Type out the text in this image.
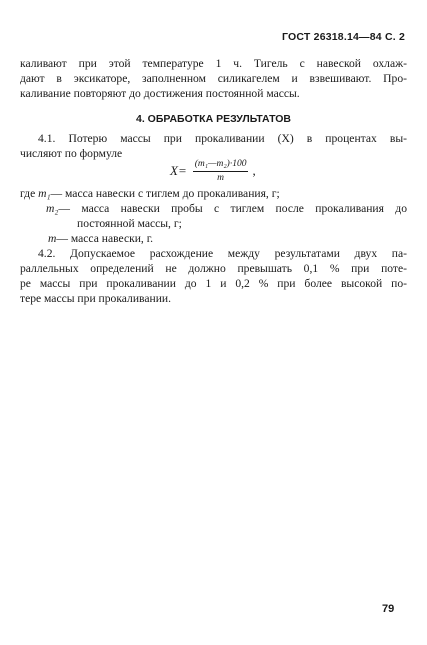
ГОСТ 26318.14—84 С. 2
каливают при этой температуре 1 ч. Тигель с навеской охлаж-
дают в эксикаторе, заполненном силикагелем и взвешивают. Про-
каливание повторяют до достижения постоянной массы.
4. ОБРАБОТКА РЕЗУЛЬТАТОВ
4.1. Потерю массы при прокаливании (X) в процентах вы-
числяют по формуле
$X= \frac{\text{(m₁—m₂)·100}}{m}$ ,
где m₁— масса навески с тиглем до прокаливания, г;
m₂ — масса навески пробы с тиглем после прокаливания до
постоянной массы, г;
m— масса навески, г.
4.2. Допускаемое расхождение между результатами двух па-
раллельных определений не должно превышать 0,1 % при поте-
ре массы при прокаливании до 1 и 0,2 % при более высокой по-
тере массы при прокаливании.
79
